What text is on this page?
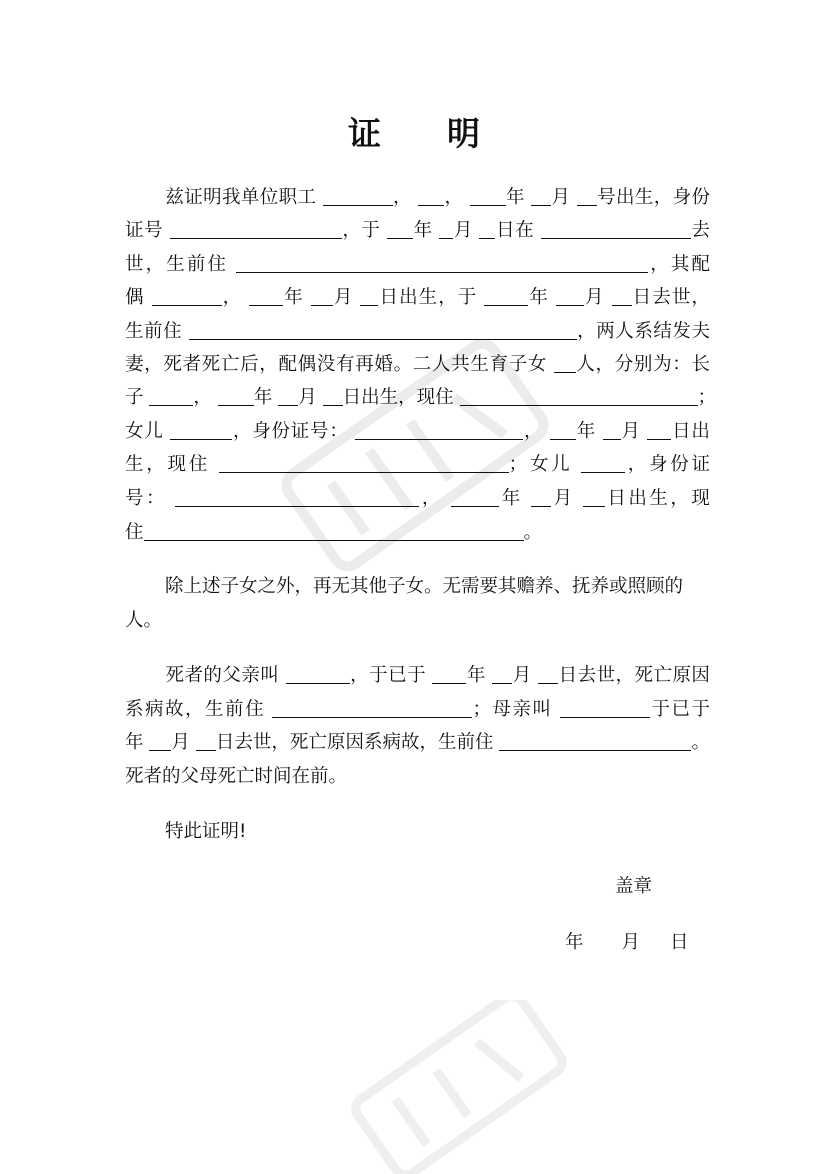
证 明
兹证明我单位职工	， ， 年 月 号出生，身份
证号	，于 年 月 日在	去
世，生前住	，其配
偶	， 年 月 日出生，于	年 月 日去世，
生前住	，两人系结发夫
妻，死者死亡后，配偶没有再婚。二人共生育子女 人，分别为：长
子	， 年 月 日出生，现住	；
女儿	，身份证号：	， 年 月 日出
生，现住	；女儿	，身份证
号：	，	年 月 日出生，现
住	。
除上述子女之外，再无其他子女。无需要其赡养、抚养或照顾的
人。
死者的父亲叫	，于已于 年 月 日去世，死亡原因
系病故，生前住	；母亲叫	于已于
年 月 日去世，死亡原因系病故，生前住	。
死者的父母死亡时间在前。
特此证明!
盖章
年 月 日
